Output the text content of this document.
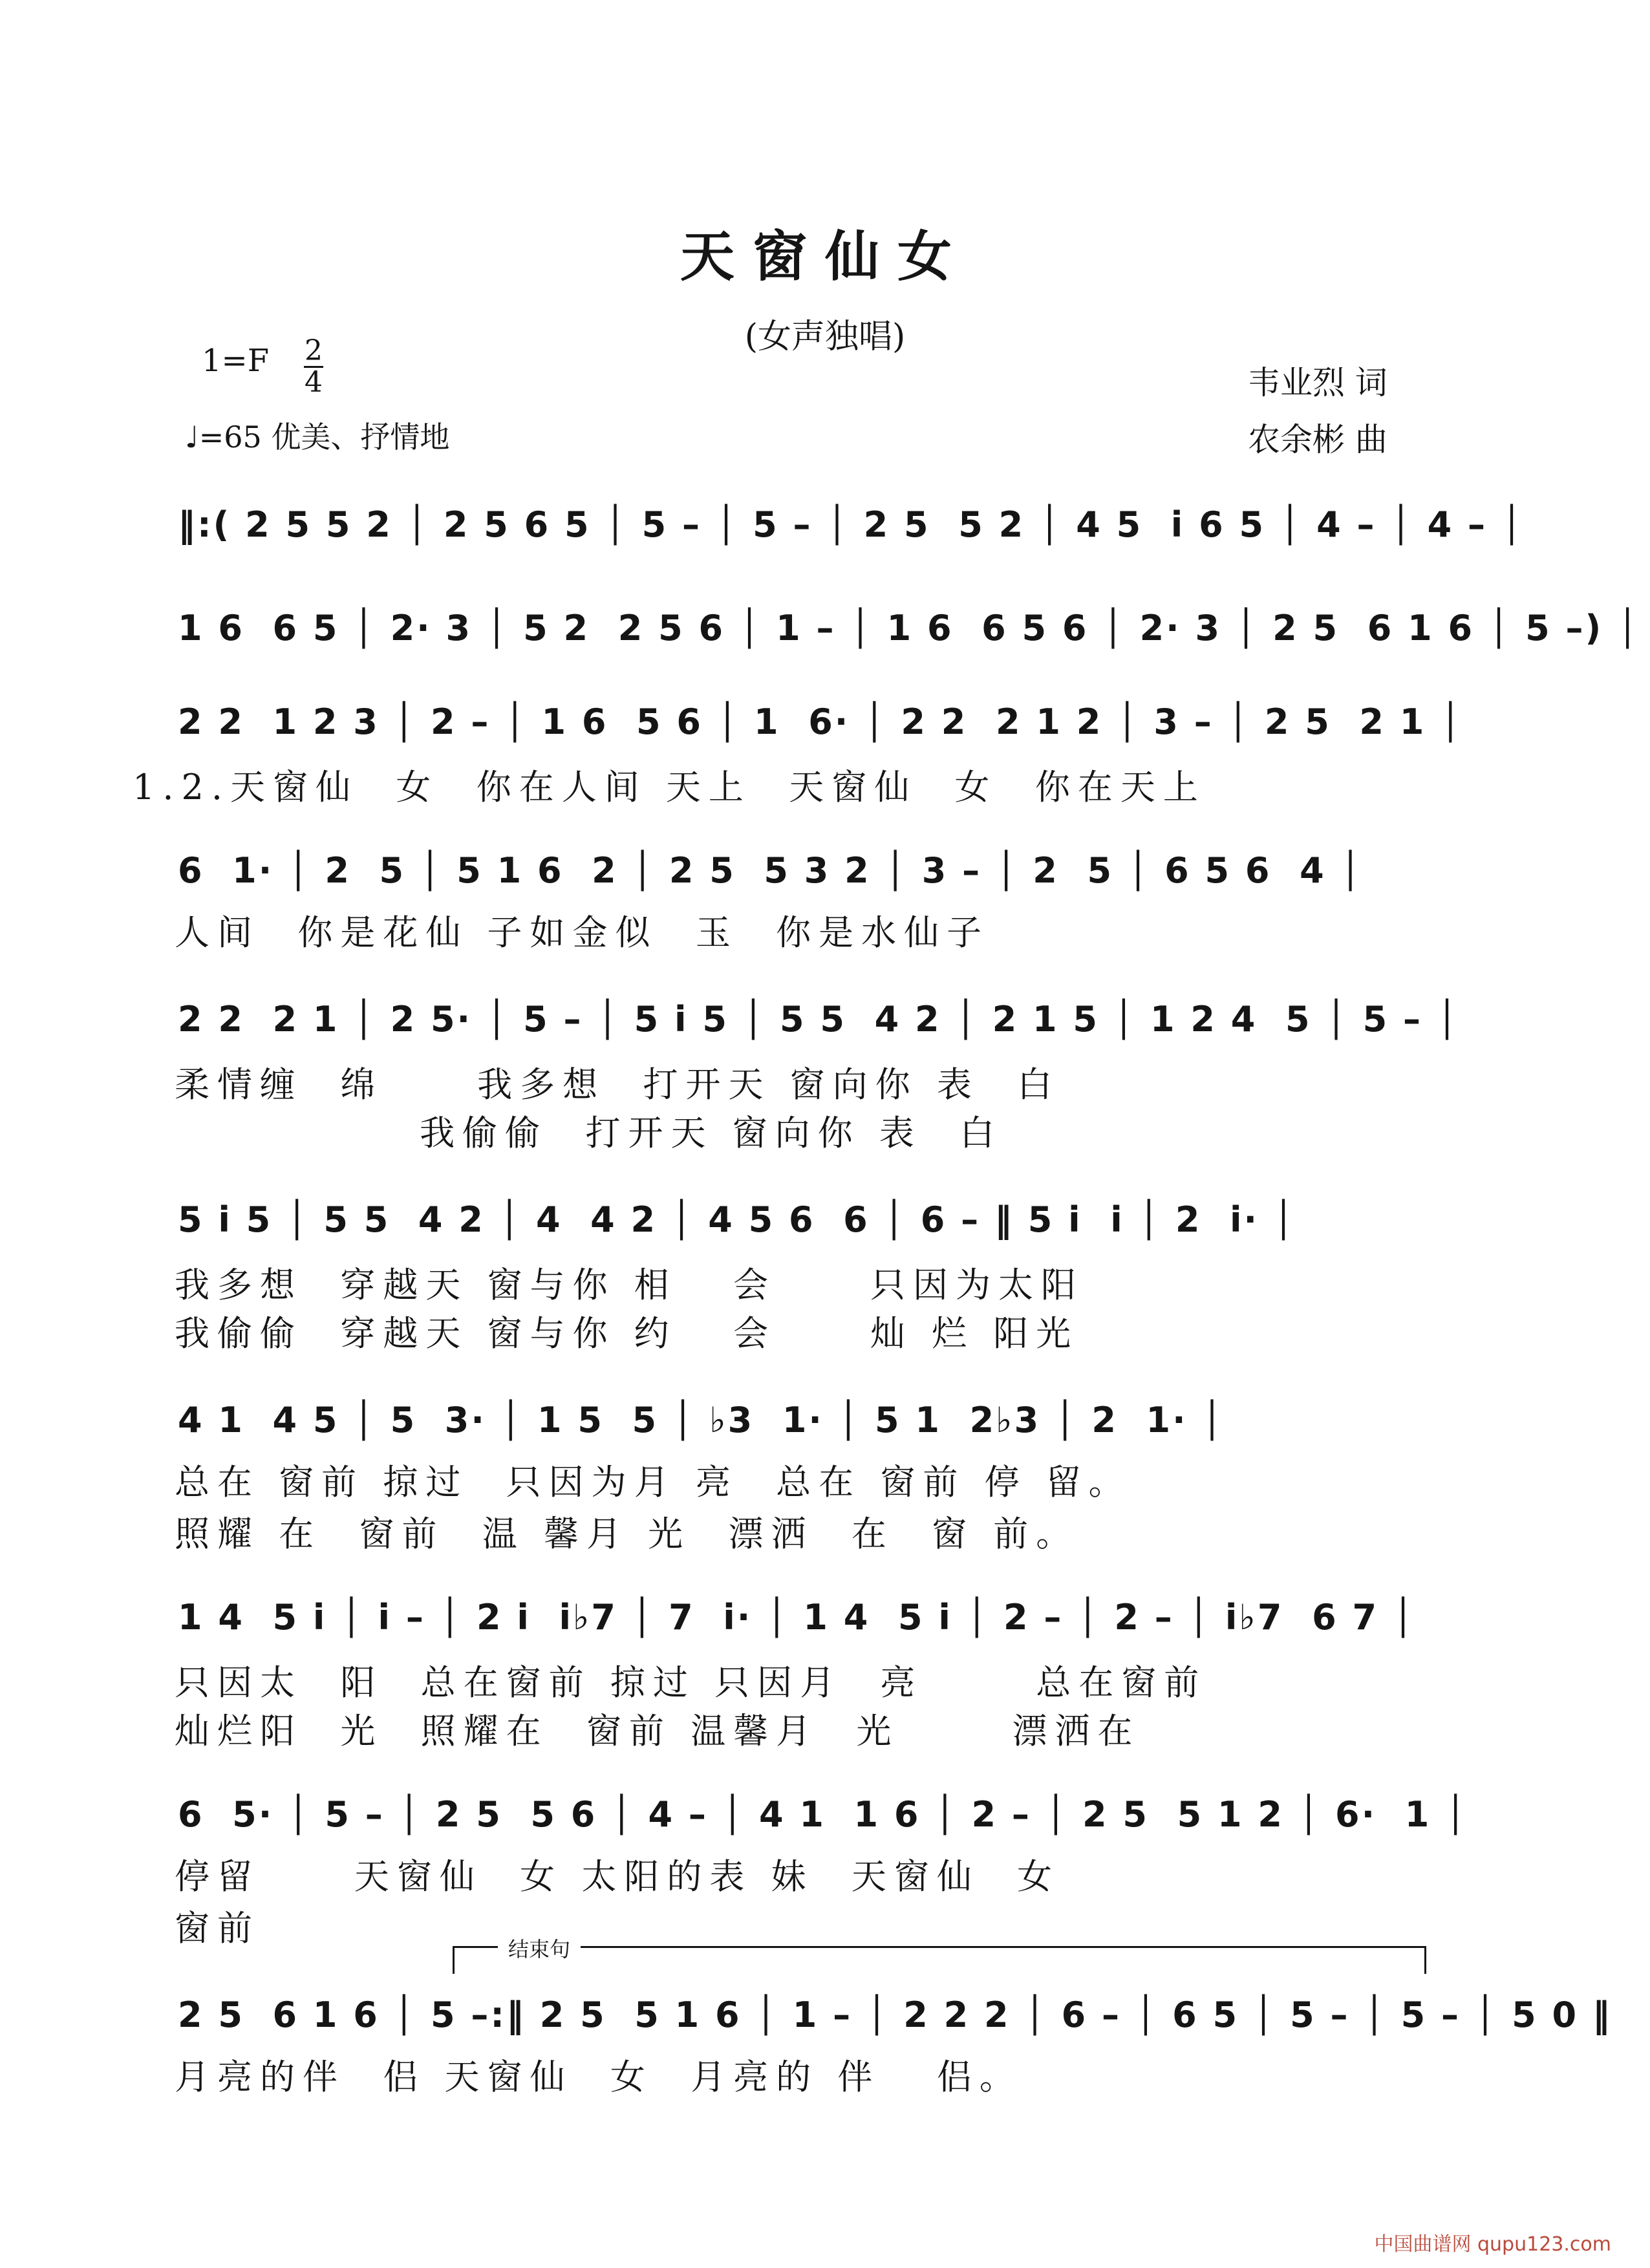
天窗仙女
(女声独唱)
1=F 2
4
♩=65 优美、抒情地
韦业烈 词
农余彬 曲
‖:( 2 5 5 2 │ 2 5 6 5 │ 5 – │ 5 – │ 2 5  5 2 │ 4 5  i 6 5 │ 4 – │ 4 – │
1 6  6 5 │ 2· 3 │ 5 2  2 5 6 │ 1 – │ 1 6  6 5 6 │ 2· 3 │ 2 5  6 1 6 │ 5 –) │
2 2  1 2 3 │ 2 – │ 1 6  5 6 │ 1  6· │ 2 2  2 1 2 │ 3 – │ 2 5  2 1 │
1.2.天窗仙  女  你在人间 天上  天窗仙  女  你在天上
6  1· │ 2  5 │ 5 1 6  2 │ 2 5  5 3 2 │ 3 – │ 2  5 │ 6 5 6  4 │
人间  你是花仙 子如金似  玉  你是水仙子
2 2  2 1 │ 2 5· │ 5 – │ 5 i 5 │ 5 5  4 2 │ 2 1 5 │ 1 2 4  5 │ 5 – │
柔情缠  绵     我多想  打开天 窗向你 表  白
我偷偷  打开天 窗向你 表  白
5 i 5 │ 5 5  4 2 │ 4  4 2 │ 4 5 6  6 │ 6 – ‖ 5 i  i │ 2  i· │
我多想  穿越天 窗与你 相   会     只因为太阳
我偷偷  穿越天 窗与你 约   会     灿 烂 阳光
4 1  4 5 │ 5  3· │ 1 5  5 │ ♭3  1· │ 5 1  2♭3 │ 2  1· │
总在 窗前 掠过  只因为月 亮  总在 窗前 停 留。
照耀 在  窗前  温 馨月 光  漂洒  在  窗 前。
1 4  5 i │ i – │ 2 i  i♭7 │ 7  i· │ 1 4  5 i │ 2 – │ 2 – │ i♭7  6 7 │
只因太  阳  总在窗前 掠过 只因月  亮      总在窗前
灿烂阳  光  照耀在  窗前 温馨月  光      漂洒在
6  5· │ 5 – │ 2 5  5 6 │ 4 – │ 4 1  1 6 │ 2 – │ 2 5  5 1 2 │ 6·  1 │
停留     天窗仙  女 太阳的表 妹  天窗仙  女
窗前
结束句
2 5  6 1 6 │ 5 –:‖ 2 5  5 1 6 │ 1 – │ 2 2 2 │ 6 – │ 6 5 │ 5 – │ 5 – │ 5 0 ‖
月亮的伴  侣 天窗仙  女  月亮的 伴   侣。
中国曲谱网 qupu123.com
